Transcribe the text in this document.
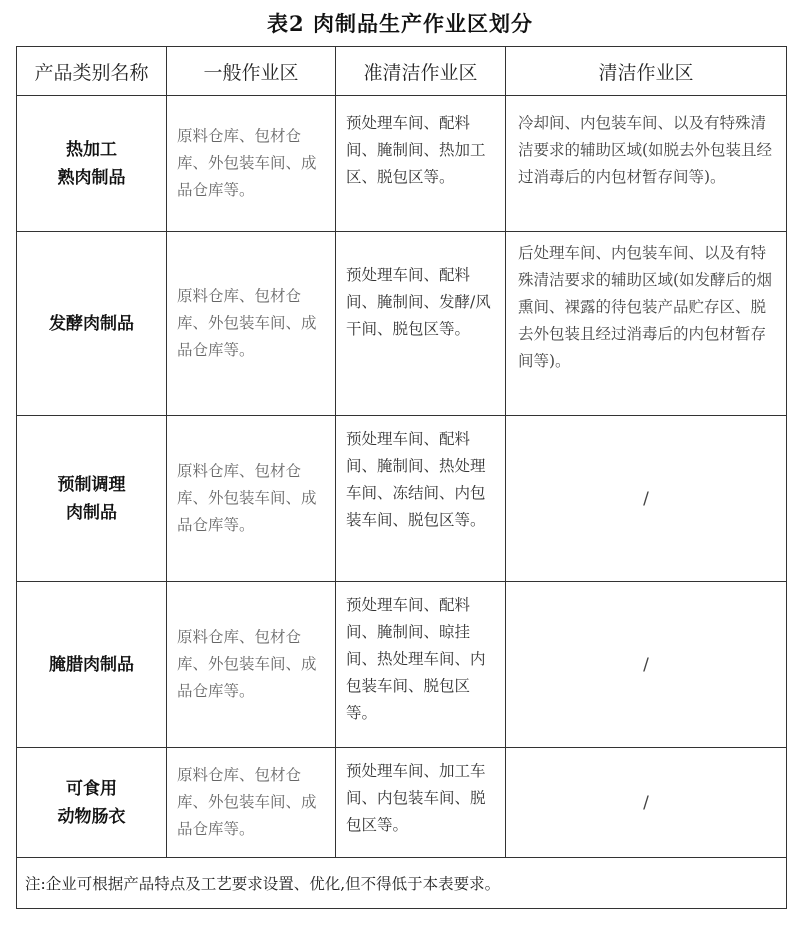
表2 肉制品生产作业区划分
产品类别名称	一般作业区	准清洁作业区	清洁作业区

热加工
熟肉制品	原料仓库、包材仓库、外包装车间、成品仓库等。	预处理车间、配料间、腌制间、热加工区、脱包区等。	冷却间、内包装车间、以及有特殊清洁要求的辅助区域(如脱去外包装且经过消毒后的内包材暂存间等)。

发酵肉制品	原料仓库、包材仓库、外包装车间、成品仓库等。	预处理车间、配料间、腌制间、发酵/风干间、脱包区等。	后处理车间、内包装车间、以及有特殊清洁要求的辅助区域(如发酵后的烟熏间、裸露的待包装产品贮存区、脱去外包装且经过消毒后的内包材暂存间等)。

预制调理
肉制品	原料仓库、包材仓库、外包装车间、成品仓库等。	预处理车间、配料间、腌制间、热处理车间、冻结间、内包装车间、脱包区等。	/

腌腊肉制品	原料仓库、包材仓库、外包装车间、成品仓库等。	预处理车间、配料间、腌制间、晾挂间、热处理车间、内包装车间、脱包区等。	/

可食用
动物肠衣	原料仓库、包材仓库、外包装车间、成品仓库等。	预处理车间、加工车间、内包装车间、脱包区等。	/
注:企业可根据产品特点及工艺要求设置、优化,但不得低于本表要求。			
